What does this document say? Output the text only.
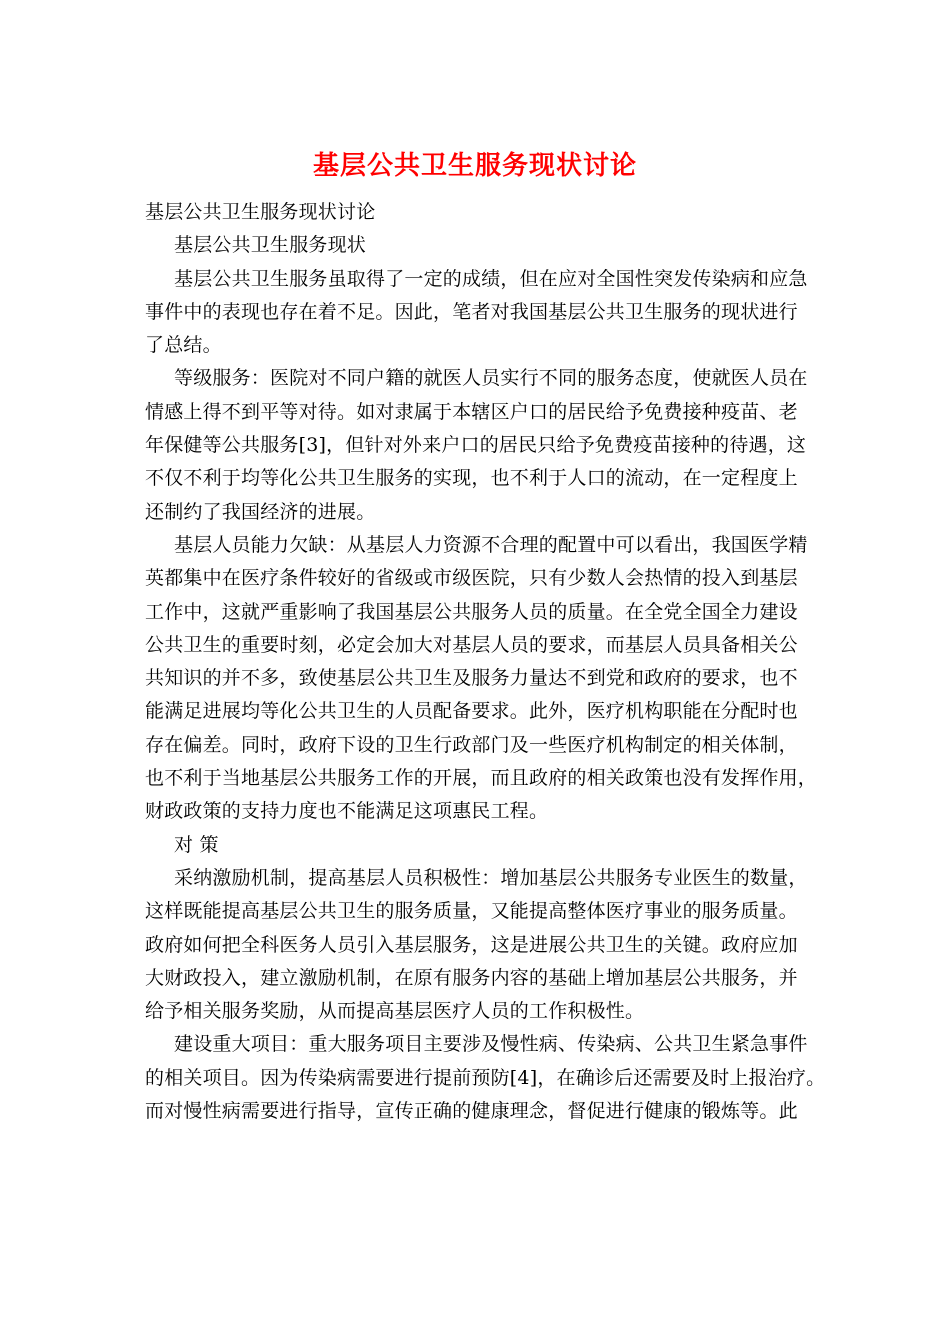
基层公共卫生服务现状讨论
基层公共卫生服务现状讨论
基层公共卫生服务现状
基层公共卫生服务虽取得了一定的成绩，但在应对全国性突发传染病和应急
事件中的表现也存在着不足。因此，笔者对我国基层公共卫生服务的现状进行
了总结。
等级服务：医院对不同户籍的就医人员实行不同的服务态度，使就医人员在
情感上得不到平等对待。如对隶属于本辖区户口的居民给予免费接种疫苗、老
年保健等公共服务[3]，但针对外来户口的居民只给予免费疫苗接种的待遇，这
不仅不利于均等化公共卫生服务的实现，也不利于人口的流动，在一定程度上
还制约了我国经济的进展。
基层人员能力欠缺：从基层人力资源不合理的配置中可以看出，我国医学精
英都集中在医疗条件较好的省级或市级医院，只有少数人会热情的投入到基层
工作中，这就严重影响了我国基层公共服务人员的质量。在全党全国全力建设
公共卫生的重要时刻，必定会加大对基层人员的要求，而基层人员具备相关公
共知识的并不多，致使基层公共卫生及服务力量达不到党和政府的要求，也不
能满足进展均等化公共卫生的人员配备要求。此外，医疗机构职能在分配时也
存在偏差。同时，政府下设的卫生行政部门及一些医疗机构制定的相关体制，
也不利于当地基层公共服务工作的开展，而且政府的相关政策也没有发挥作用，
财政政策的支持力度也不能满足这项惠民工程。
对 策
采纳激励机制，提高基层人员积极性：增加基层公共服务专业医生的数量，
这样既能提高基层公共卫生的服务质量，又能提高整体医疗事业的服务质量。
政府如何把全科医务人员引入基层服务，这是进展公共卫生的关键。政府应加
大财政投入，建立激励机制，在原有服务内容的基础上增加基层公共服务，并
给予相关服务奖励，从而提高基层医疗人员的工作积极性。
建设重大项目：重大服务项目主要涉及慢性病、传染病、公共卫生紧急事件
的相关项目。因为传染病需要进行提前预防[4]，在确诊后还需要及时上报治疗。
而对慢性病需要进行指导，宣传正确的健康理念，督促进行健康的锻炼等。此
